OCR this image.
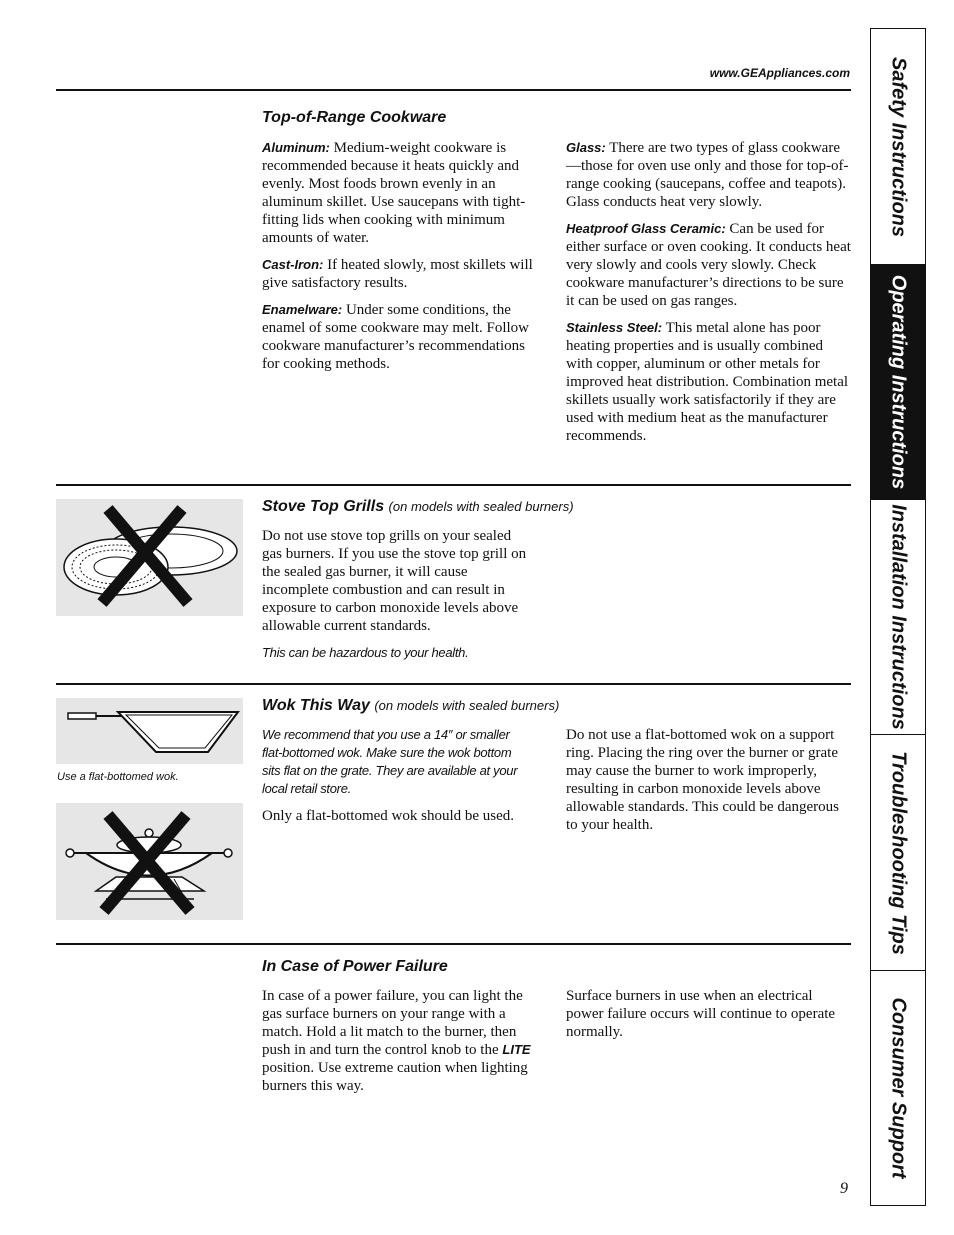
www.GEAppliances.com
Top-of-Range Cookware

Aluminum: Medium-weight cookware is recommended because it heats quickly and evenly. Most foods brown evenly in an aluminum skillet. Use saucepans with tight-fitting lids when cooking with minimum amounts of water.

Cast-Iron: If heated slowly, most skillets will give satisfactory results.

Enamelware: Under some conditions, the enamel of some cookware may melt. Follow cookware manufacturer’s recommendations for cooking methods.

Glass: There are two types of glass cookware—those for oven use only and those for top-of-range cooking (saucepans, coffee and teapots). Glass conducts heat very slowly.

Heatproof Glass Ceramic: Can be used for either surface or oven cooking. It conducts heat very slowly and cools very slowly. Check cookware manufacturer’s directions to be sure it can be used on gas ranges.

Stainless Steel: This metal alone has poor heating properties and is usually combined with copper, aluminum or other metals for improved heat distribution. Combination metal skillets usually work satisfactorily if they are used with medium heat as the manufacturer recommends.

Stove Top Grills (on models with sealed burners)

Do not use stove top grills on your sealed gas burners. If you use the stove top grill on the sealed gas burner, it will cause incomplete combustion and can result in exposure to carbon monoxide levels above allowable current standards.

This can be hazardous to your health.

Use a flat-bottomed wok.
Wok This Way (on models with sealed burners)

We recommend that you use a 14″ or smaller flat-bottomed wok. Make sure the wok bottom sits flat on the grate. They are available at your local retail store.

Only a flat-bottomed wok should be used.

Do not use a flat-bottomed wok on a support ring. Placing the ring over the burner or grate may cause the burner to work improperly, resulting in carbon monoxide levels above allowable standards. This could be dangerous to your health.

In Case of Power Failure

In case of a power failure, you can light the gas surface burners on your range with a match. Hold a lit match to the burner, then push in and turn the control knob to the LITE position. Use extreme caution when lighting burners this way.

Surface burners in use when an electrical power failure occurs will continue to operate normally.

9
Safety Instructions
Operating Instructions
Installation Instructions
Troubleshooting Tips
Consumer Support
